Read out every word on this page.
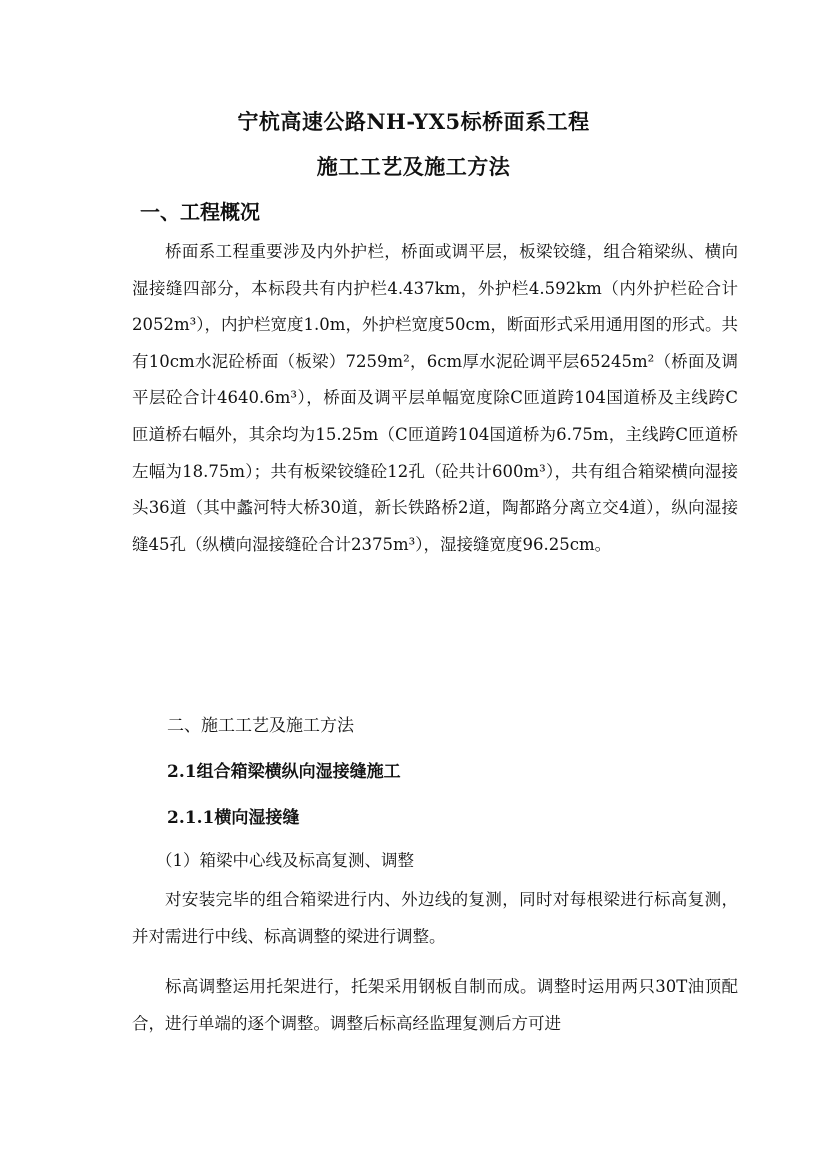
宁杭高速公路NH-YX5标桥面系工程
施工工艺及施工方法
一、工程概况

桥面系工程重要涉及内外护栏，桥面或调平层，板梁铰缝，组合箱梁纵、横向湿接缝四部分，本标段共有内护栏4.437km，外护栏4.592km（内外护栏砼合计2052m³），内护栏宽度1.0m，外护栏宽度50cm，断面形式采用通用图的形式。共有10cm水泥砼桥面（板梁）7259m²，6cm厚水泥砼调平层65245m²（桥面及调平层砼合计4640.6m³），桥面及调平层单幅宽度除C匝道跨104国道桥及主线跨C匝道桥右幅外，其余均为15.25m（C匝道跨104国道桥为6.75m，主线跨C匝道桥左幅为18.75m）；共有板梁铰缝砼12孔（砼共计600m³），共有组合箱梁横向湿接头36道（其中蠡河特大桥30道，新长铁路桥2道，陶都路分离立交4道），纵向湿接缝45孔（纵横向湿接缝砼合计2375m³），湿接缝宽度96.25cm。

二、施工工艺及施工方法
2.1组合箱梁横纵向湿接缝施工
2.1.1横向湿接缝
（1）箱梁中心线及标高复测、调整

对安装完毕的组合箱梁进行内、外边线的复测，同时对每根梁进行标高复测，并对需进行中线、标高调整的梁进行调整。

标高调整运用托架进行，托架采用钢板自制而成。调整时运用两只30T油顶配合，进行单端的逐个调整。调整后标高经监理复测后方可进
